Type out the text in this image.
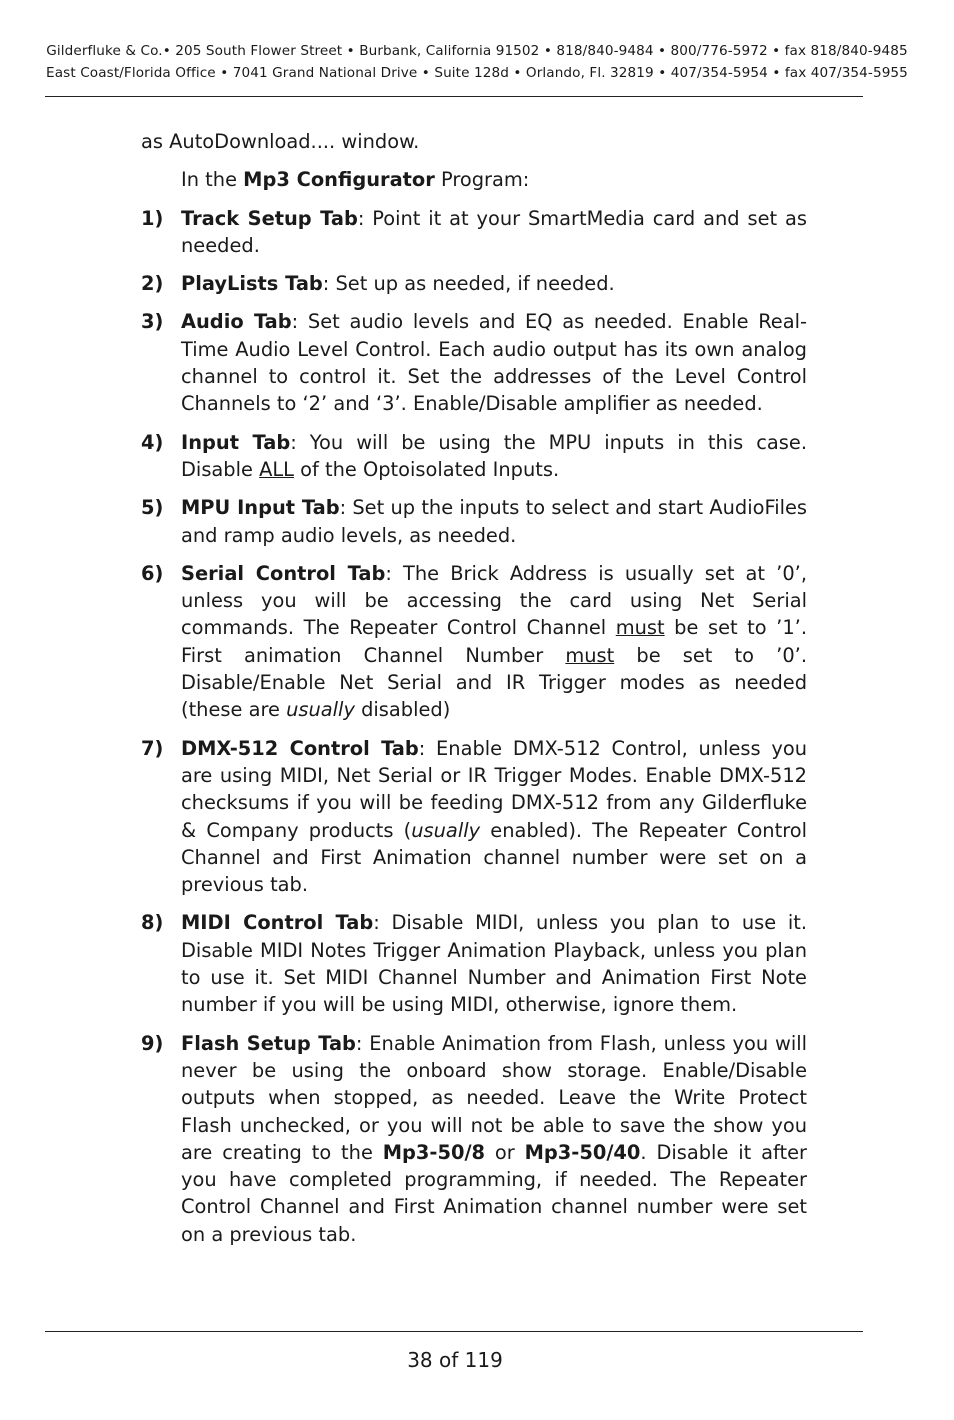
Gilderfluke & Co.• 205 South Flower Street • Burbank, California 91502 • 818/840-9484 • 800/776-5972 • fax 818/840-9485
East Coast/Florida Office • 7041 Grand National Drive • Suite 128d • Orlando, Fl. 32819 • 407/354-5954 • fax 407/354-5955

as AutoDownload.... window.

In the Mp3 Configurator Program:

1) Track Setup Tab: Point it at your SmartMedia card and set as needed.
2) PlayLists Tab: Set up as needed, if needed.
3) Audio Tab: Set audio levels and EQ as needed. Enable Real-Time Audio Level Control. Each audio output has its own analog channel to control it. Set the addresses of the Level Control Channels to ‘2’ and ‘3’. Enable/Disable amplifier as needed.
4) Input Tab: You will be using the MPU inputs in this case. Disable ALL of the Optoisolated Inputs.
5) MPU Input Tab: Set up the inputs to select and start AudioFiles and ramp audio levels, as needed.
6) Serial Control Tab: The Brick Address is usually set at ’0’, unless you will be accessing the card using Net Serial commands. The Repeater Control Channel must be set to ’1’. First animation Channel Number must be set to ’0’. Disable/Enable Net Serial and IR Trigger modes as needed (these are usually disabled)
7) DMX-512 Control Tab: Enable DMX-512 Control, unless you are using MIDI, Net Serial or IR Trigger Modes. Enable DMX-512 checksums if you will be feeding DMX-512 from any Gilderfluke & Company products (usually enabled). The Repeater Control Channel and First Animation channel number were set on a previous tab.
8) MIDI Control Tab: Disable MIDI, unless you plan to use it. Disable MIDI Notes Trigger Animation Playback, unless you plan to use it. Set MIDI Channel Number and Animation First Note number if you will be using MIDI, otherwise, ignore them.
9) Flash Setup Tab: Enable Animation from Flash, unless you will never be using the onboard show storage. Enable/Disable outputs when stopped, as needed. Leave the Write Protect Flash unchecked, or you will not be able to save the show you are creating to the Mp3-50/8 or Mp3-50/40. Disable it after you have completed programming, if needed. The Repeater Control Channel and First Animation channel number were set on a previous tab.
38 of 119
